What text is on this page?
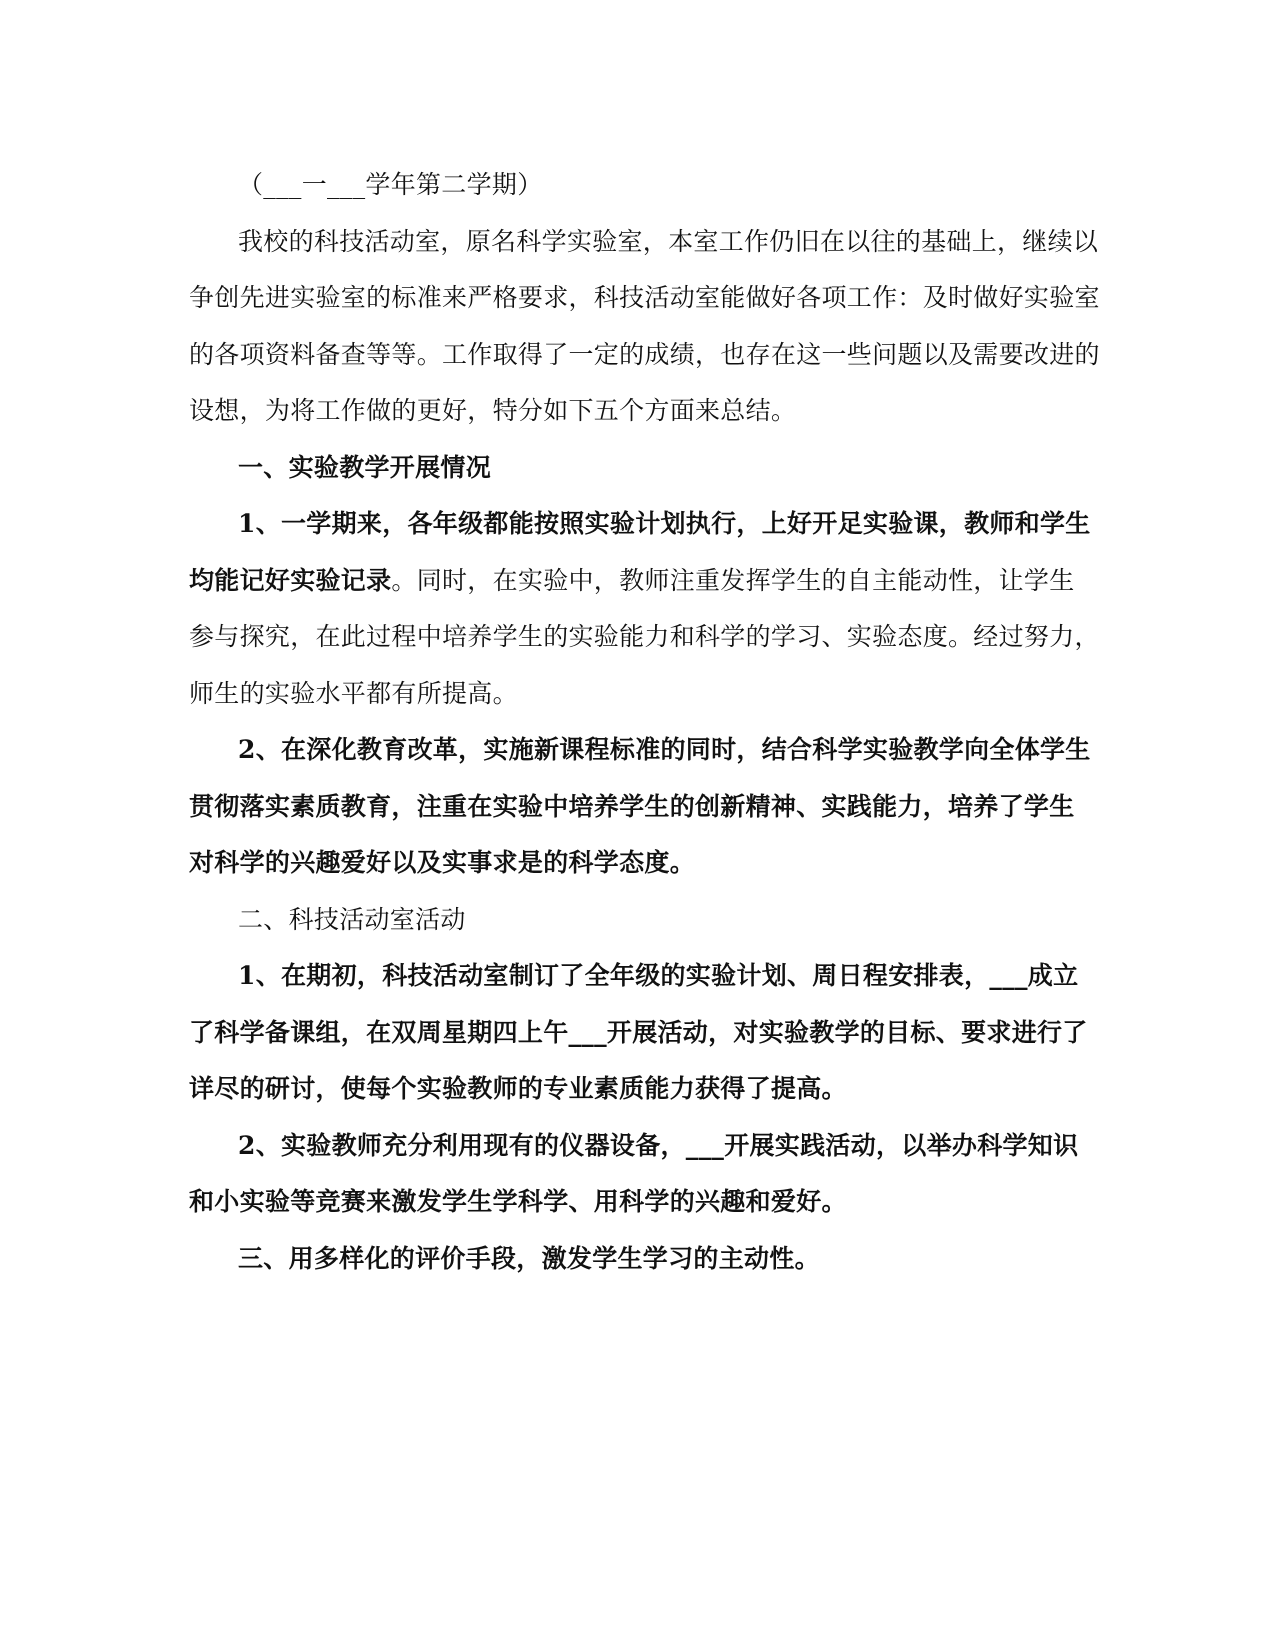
（___一___学年第二学期）
我校的科技活动室，原名科学实验室，本室工作仍旧在以往的基础上，继续以
争创先进实验室的标准来严格要求，科技活动室能做好各项工作：及时做好实验室
的各项资料备查等等。工作取得了一定的成绩，也存在这一些问题以及需要改进的
设想，为将工作做的更好，特分如下五个方面来总结。
一、实验教学开展情况
1、一学期来，各年级都能按照实验计划执行，上好开足实验课，教师和学生
均能记好实验记录。同时，在实验中，教师注重发挥学生的自主能动性，让学生
参与探究，在此过程中培养学生的实验能力和科学的学习、实验态度。经过努力，
师生的实验水平都有所提高。
2、在深化教育改革，实施新课程标准的同时，结合科学实验教学向全体学生
贯彻落实素质教育，注重在实验中培养学生的创新精神、实践能力，培养了学生
对科学的兴趣爱好以及实事求是的科学态度。
二、科技活动室活动
1、在期初，科技活动室制订了全年级的实验计划、周日程安排表，___成立
了科学备课组，在双周星期四上午___开展活动，对实验教学的目标、要求进行了
详尽的研讨，使每个实验教师的专业素质能力获得了提高。
2、实验教师充分利用现有的仪器设备，___开展实践活动，以举办科学知识
和小实验等竞赛来激发学生学科学、用科学的兴趣和爱好。
三、用多样化的评价手段，激发学生学习的主动性。
